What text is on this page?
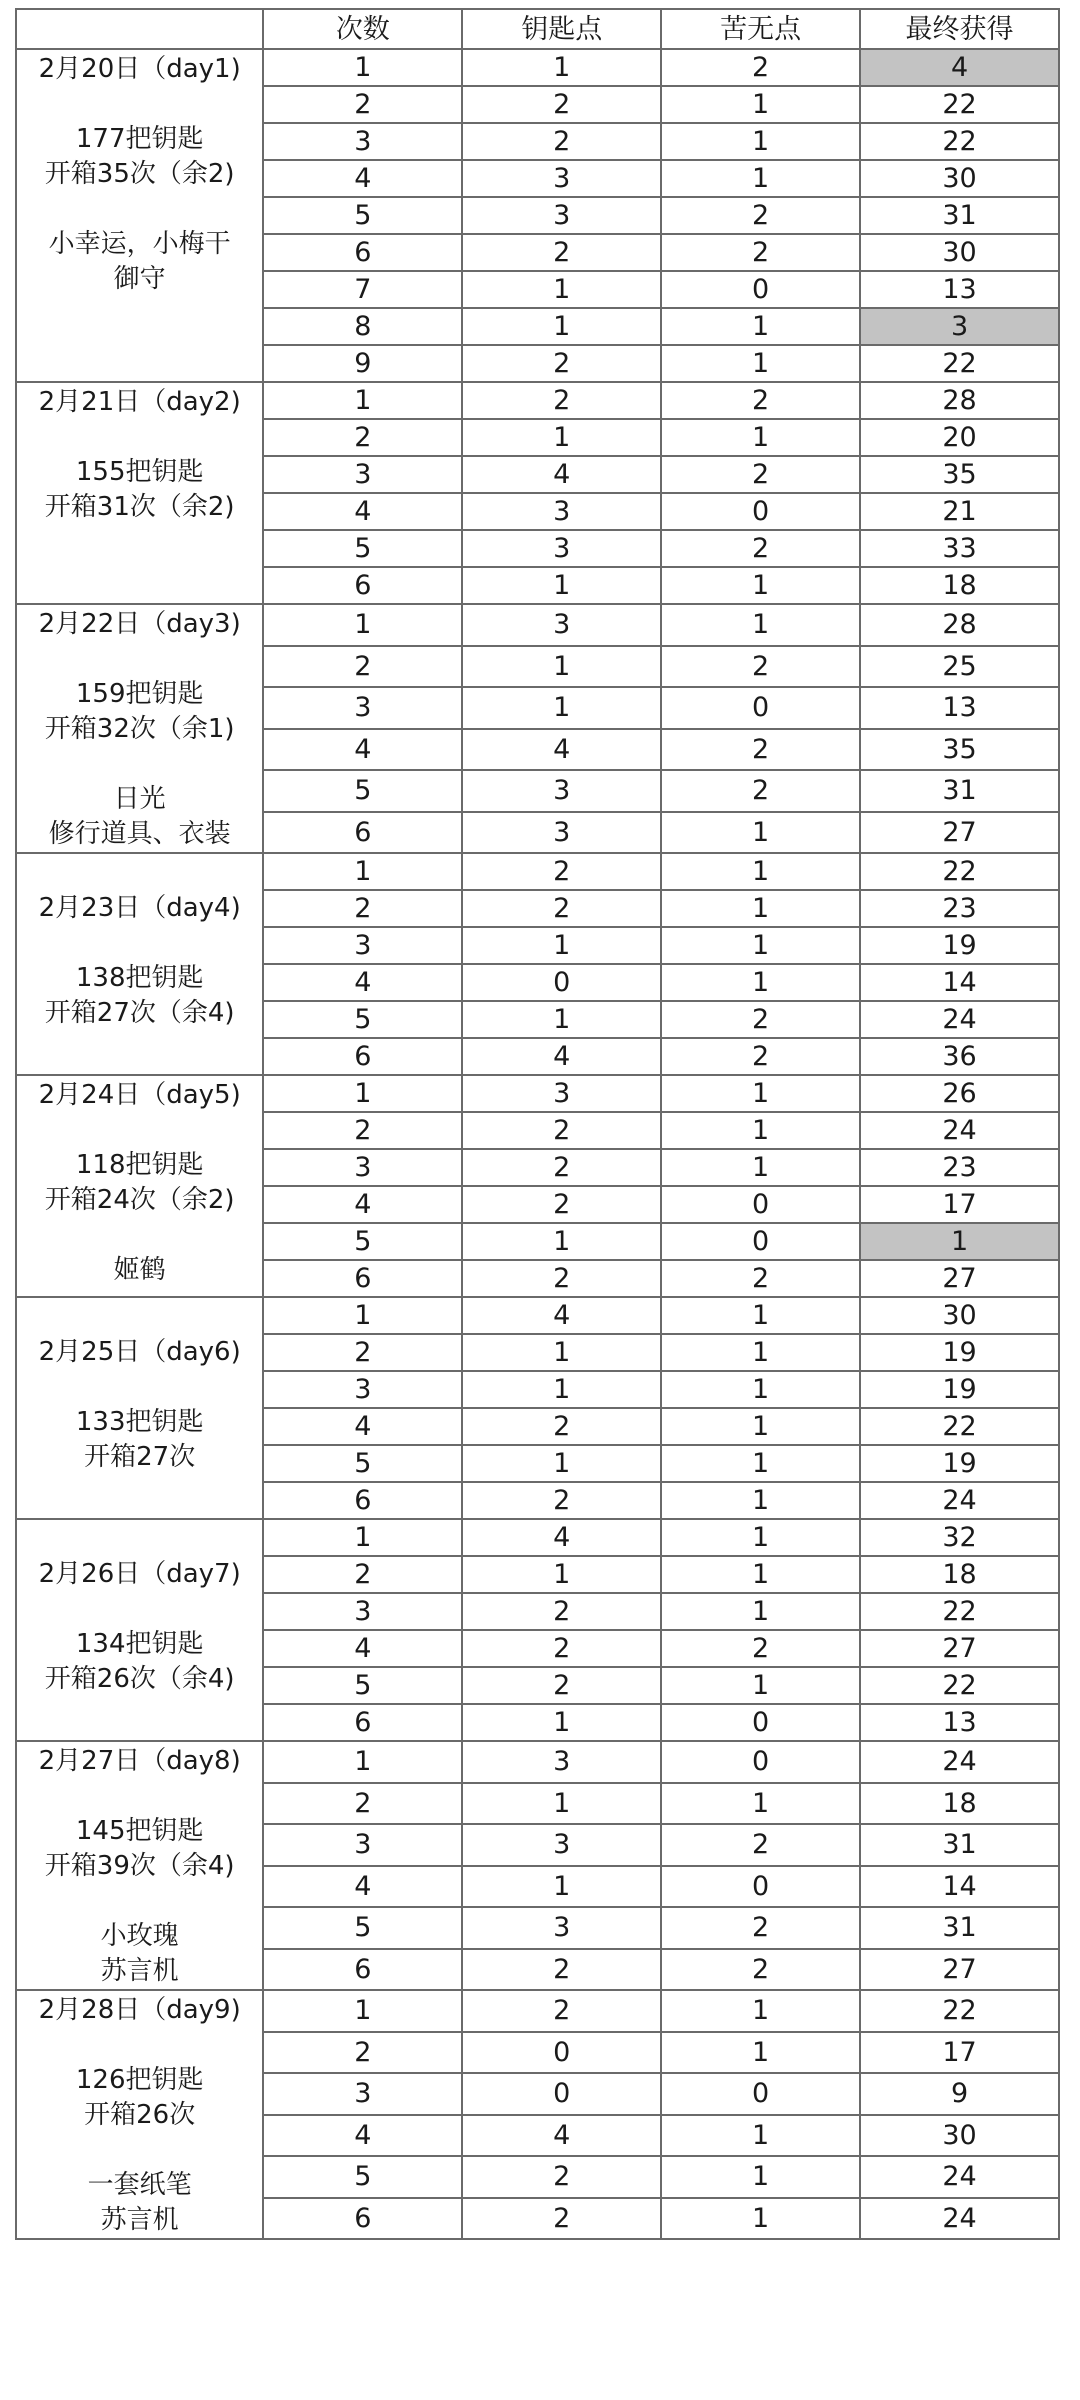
	次数	钥匙点	苦无点	最终获得

2月20日（day1)
177把钥匙
开箱35次（余2)
小幸运，小梅干
御守	1	1	2	4
	2	2	1	22
	3	2	1	22
	4	3	1	30
	5	3	2	31
	6	2	2	30
	7	1	0	13
	8	1	1	3
	9	2	1	22

2月21日（day2)
155把钥匙
开箱31次（余2)	1	2	2	28
	2	1	1	20
	3	4	2	35
	4	3	0	21
	5	3	2	33
	6	1	1	18

2月22日（day3)
159把钥匙
开箱32次（余1)
日光
修行道具、衣装	1	3	1	28
	2	1	2	25
	3	1	0	13
	4	4	2	35
	5	3	2	31
	6	3	1	27

2月23日（day4)
138把钥匙
开箱27次（余4)	1	2	1	22
	2	2	1	23
	3	1	1	19
	4	0	1	14
	5	1	2	24
	6	4	2	36

2月24日（day5)
118把钥匙
开箱24次（余2)
姬鹤	1	3	1	26
	2	2	1	24
	3	2	1	23
	4	2	0	17
	5	1	0	1
	6	2	2	27

2月25日（day6)
133把钥匙
开箱27次	1	4	1	30
	2	1	1	19
	3	1	1	19
	4	2	1	22
	5	1	1	19
	6	2	1	24

2月26日（day7)
134把钥匙
开箱26次（余4)	1	4	1	32
	2	1	1	18
	3	2	1	22
	4	2	2	27
	5	2	1	22
	6	1	0	13

2月27日（day8)
145把钥匙
开箱39次（余4)
小玫瑰
苏言机	1	3	0	24
	2	1	1	18
	3	3	2	31
	4	1	0	14
	5	3	2	31
	6	2	2	27

2月28日（day9)
126把钥匙
开箱26次
一套纸笔
苏言机	1	2	1	22
	2	0	1	17
	3	0	0	9
	4	4	1	30
	5	2	1	24
	6	2	1	24
